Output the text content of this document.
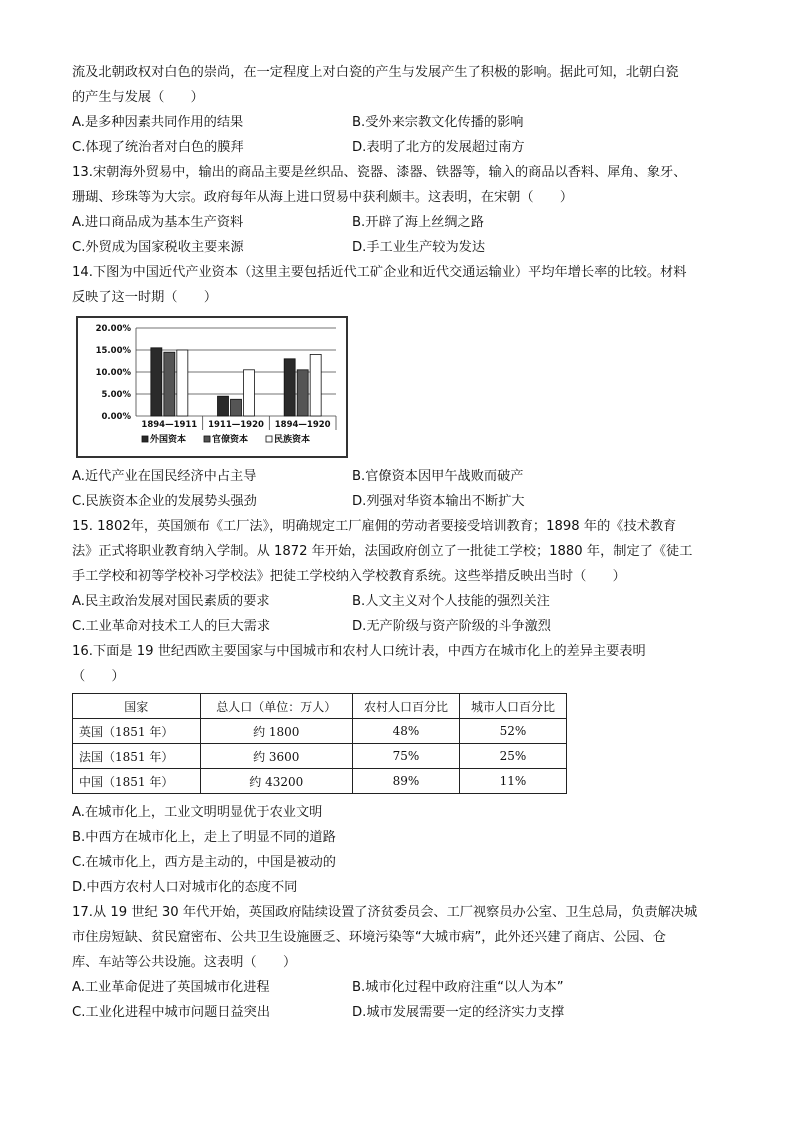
流及北朝政权对白色的崇尚，在一定程度上对白瓷的产生与发展产生了积极的影响。据此可知，北朝白瓷
的产生与发展（　　）
A.是多种因素共同作用的结果	B.受外来宗教文化传播的影响
C.体现了统治者对白色的膜拜	D.表明了北方的发展超过南方
13.宋朝海外贸易中，输出的商品主要是丝织品、瓷器、漆器、铁器等，输入的商品以香料、犀角、象牙、
珊瑚、珍珠等为大宗。政府每年从海上进口贸易中获利颇丰。这表明，在宋朝（　　）
A.进口商品成为基本生产资料	B.开辟了海上丝绸之路
C.外贸成为国家税收主要来源	D.手工业生产较为发达
14.下图为中国近代产业资本（这里主要包括近代工矿企业和近代交通运输业）平均年增长率的比较。材料
反映了这一时期（　　）
0.00%
5.00%
10.00%
15.00%
20.00%
1894—1911 1911—1920 1894—1920
外国资本	官僚资本	民族资本
A.近代产业在国民经济中占主导	B.官僚资本因甲午战败而破产
C.民族资本企业的发展势头强劲	D.列强对华资本输出不断扩大
15. 1802年，英国颁布《工厂法》，明确规定工厂雇佣的劳动者要接受培训教育；1898 年的《技术教育
法》正式将职业教育纳入学制。从 1872 年开始，法国政府创立了一批徒工学校；1880 年，制定了《徒工
手工学校和初等学校补习学校法》把徒工学校纳入学校教育系统。这些举措反映出当时（　　）
A.民主政治发展对国民素质的要求	B.人文主义对个人技能的强烈关注
C.工业革命对技术工人的巨大需求	D.无产阶级与资产阶级的斗争激烈
16.下面是 19 世纪西欧主要国家与中国城市和农村人口统计表，中西方在城市化上的差异主要表明
（　　）
国家	总人口（单位：万人）	农村人口百分比	城市人口百分比
英国（1851 年）	约 1800	48%	52%
法国（1851 年）	约 3600	75%	25%
中国（1851 年）	约 43200	89%	11%
A.在城市化上，工业文明明显优于农业文明
B.中西方在城市化上，走上了明显不同的道路
C.在城市化上，西方是主动的，中国是被动的
D.中西方农村人口对城市化的态度不同
17.从 19 世纪 30 年代开始，英国政府陆续设置了济贫委员会、工厂视察员办公室、卫生总局，负责解决城
市住房短缺、贫民窟密布、公共卫生设施匮乏、环境污染等“大城市病”，此外还兴建了商店、公园、仓
库、车站等公共设施。这表明（　　）
A.工业革命促进了英国城市化进程	B.城市化过程中政府注重“以人为本”
C.工业化进程中城市问题日益突出	D.城市发展需要一定的经济实力支撑
